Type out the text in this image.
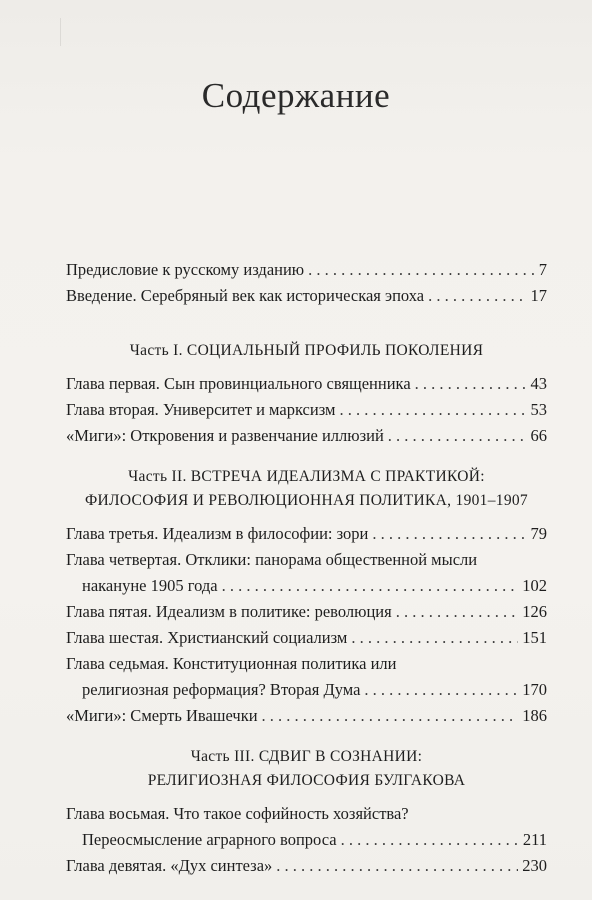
Содержание
Предисловие к русскому изданию . . .	7
Введение. Серебряный век как историческая эпоха . . .	17
Часть I. СОЦИАЛЬНЫЙ ПРОФИЛЬ ПОКОЛЕНИЯ
Глава первая. Сын провинциального священника . . .	43
Глава вторая. Университет и марксизм . . .	53
«Миги»: Откровения и развенчание иллюзий . . .	66
Часть II. ВСТРЕЧА ИДЕАЛИЗМА С ПРАКТИКОЙ:
ФИЛОСОФИЯ И РЕВОЛЮЦИОННАЯ ПОЛИТИКА, 1901–1907
Глава третья. Идеализм в философии: зори . . .	79
Глава четвертая. Отклики: панорама общественной мысли
накануне 1905 года . . .	102
Глава пятая. Идеализм в политике: революция . . .	126
Глава шестая. Христианский социализм . . .	151
Глава седьмая. Конституционная политика или
религиозная реформация? Вторая Дума . . .	170
«Миги»: Смерть Ивашечки . . .	186
Часть III. СДВИГ В СОЗНАНИИ:
РЕЛИГИОЗНАЯ ФИЛОСОФИЯ БУЛГАКОВА
Глава восьмая. Что такое софийность хозяйства?
Переосмысление аграрного вопроса . . .	211
Глава девятая. «Дух синтеза» . . .	230
